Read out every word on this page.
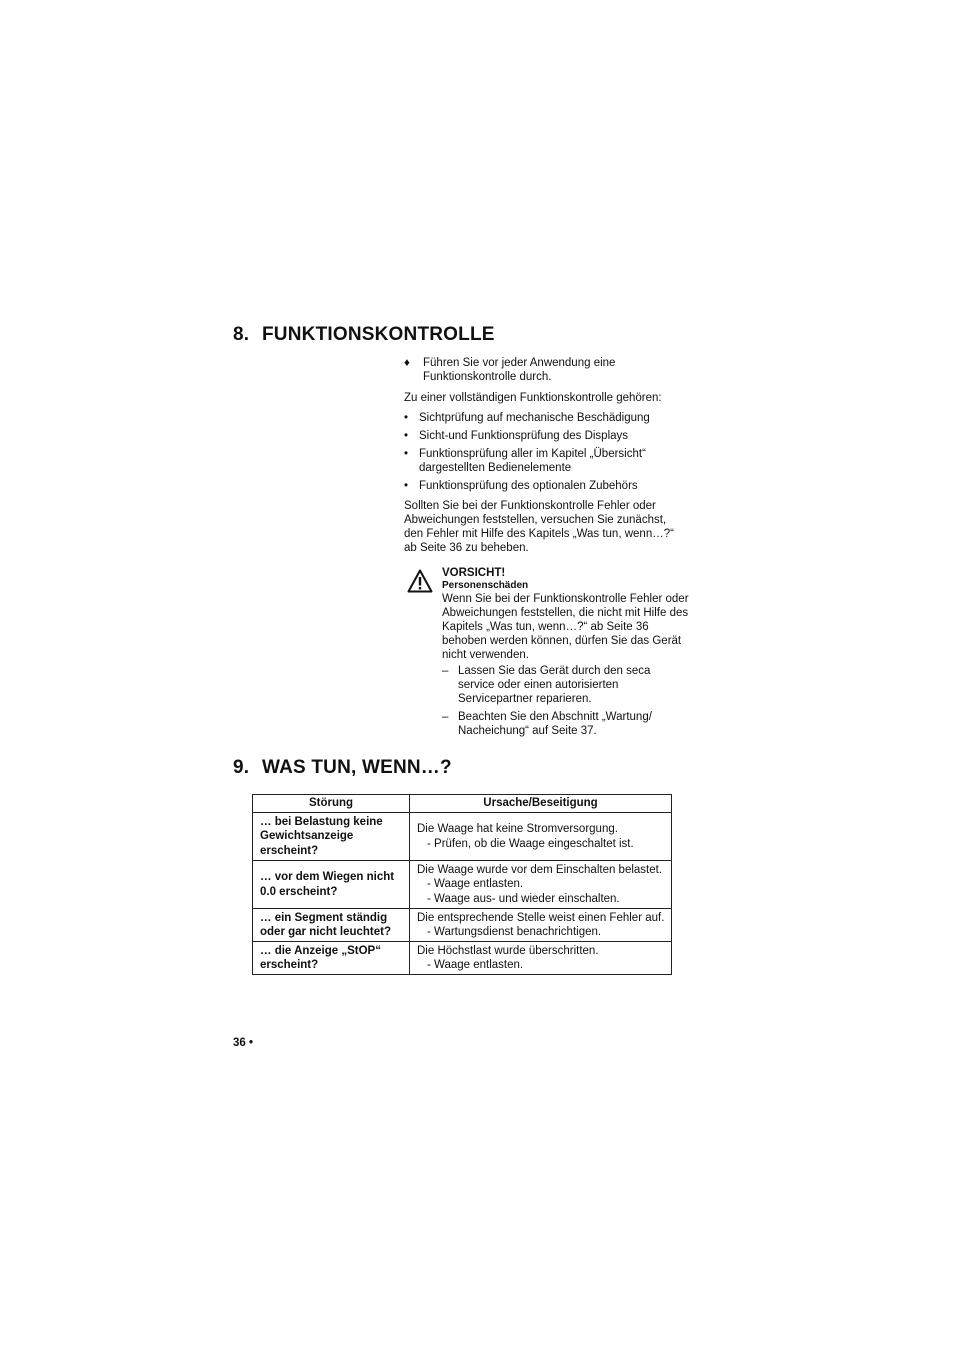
8. FUNKTIONSKONTROLLE
♦ Führen Sie vor jeder Anwendung eine Funktionskontrolle durch.
Zu einer vollständigen Funktionskontrolle gehören:
• Sichtprüfung auf mechanische Beschädigung
• Sicht-und Funktionsprüfung des Displays
• Funktionsprüfung aller im Kapitel „Übersicht“ dargestellten Bedienelemente
• Funktionsprüfung des optionalen Zubehörs
Sollten Sie bei der Funktionskontrolle Fehler oder Abweichungen feststellen, versuchen Sie zunächst, den Fehler mit Hilfe des Kapitels „Was tun, wenn…?“ ab Seite 36 zu beheben.
VORSICHT!
Personenschäden
Wenn Sie bei der Funktionskontrolle Fehler oder Abweichungen feststellen, die nicht mit Hilfe des Kapitels „Was tun, wenn…?“ ab Seite 36 behoben werden können, dürfen Sie das Gerät nicht verwenden.
– Lassen Sie das Gerät durch den seca service oder einen autorisierten Servicepartner reparieren.
– Beachten Sie den Abschnitt „Wartung/ Nacheichung“ auf Seite 37.
9. WAS TUN, WENN…?
Störung	Ursache/Beseitigung
… bei Belastung keine Gewichtsanzeige erscheint?	Die Waage hat keine Stromversorgung.
- Prüfen, ob die Waage eingeschaltet ist.

… vor dem Wiegen nicht 0.0 erscheint?	Die Waage wurde vor dem Einschalten belastet.
- Waage entlasten.
- Waage aus- und wieder einschalten.

… ein Segment ständig oder gar nicht leuchtet?	Die entsprechende Stelle weist einen Fehler auf.
- Wartungsdienst benachrichtigen.

… die Anzeige „StOP“ erscheint?	Die Höchstlast wurde überschritten.
- Waage entlasten.
36 •
